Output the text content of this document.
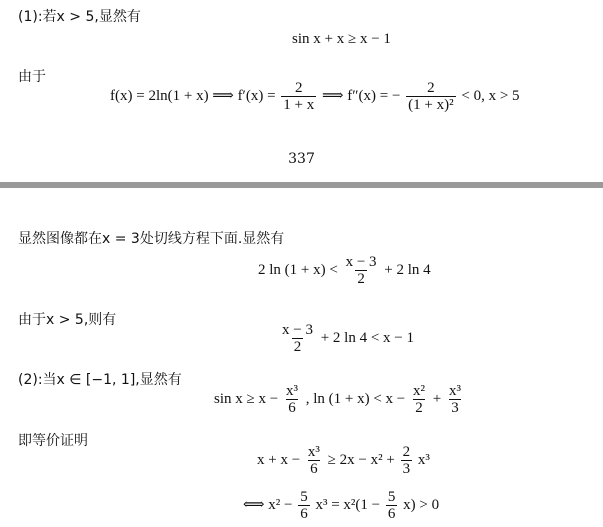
(1):若x > 5,显然有
sin x + x ≥ x − 1
由于
f(x) = 2ln(1 + x) ⟹ $f'(x) = \frac{2}{1 + x}$ ⟹ f″(x) = − $\frac{2}{\text{(1 + x)²}} < 0$, x > 5
337
显然图像都在x = 3处切线方程下面.显然有
2 $\ln (1 + x) < \frac{x - 3}{2} + 2$ ln 4
由于x > 5,则有
$\frac{x - 3}{2} + 2$ ln 4 < x − 1
(2):当x ∈ [−1, 1],显然有
$\sin x \ge x - \frac{\text{x³}}{6}$ , $\ln (1 + x) < x - \frac{\text{x²}}{2} + \frac{\text{x³}}{3}$
即等价证明
$x + x - \frac{\text{x³}}{6} \ge 2x - x^2 + \frac{2}{3} x^3$
⟺ $x^2 - \frac{5}{6} x^3 = x^2(1 - \frac{5}{6} x) > 0$
